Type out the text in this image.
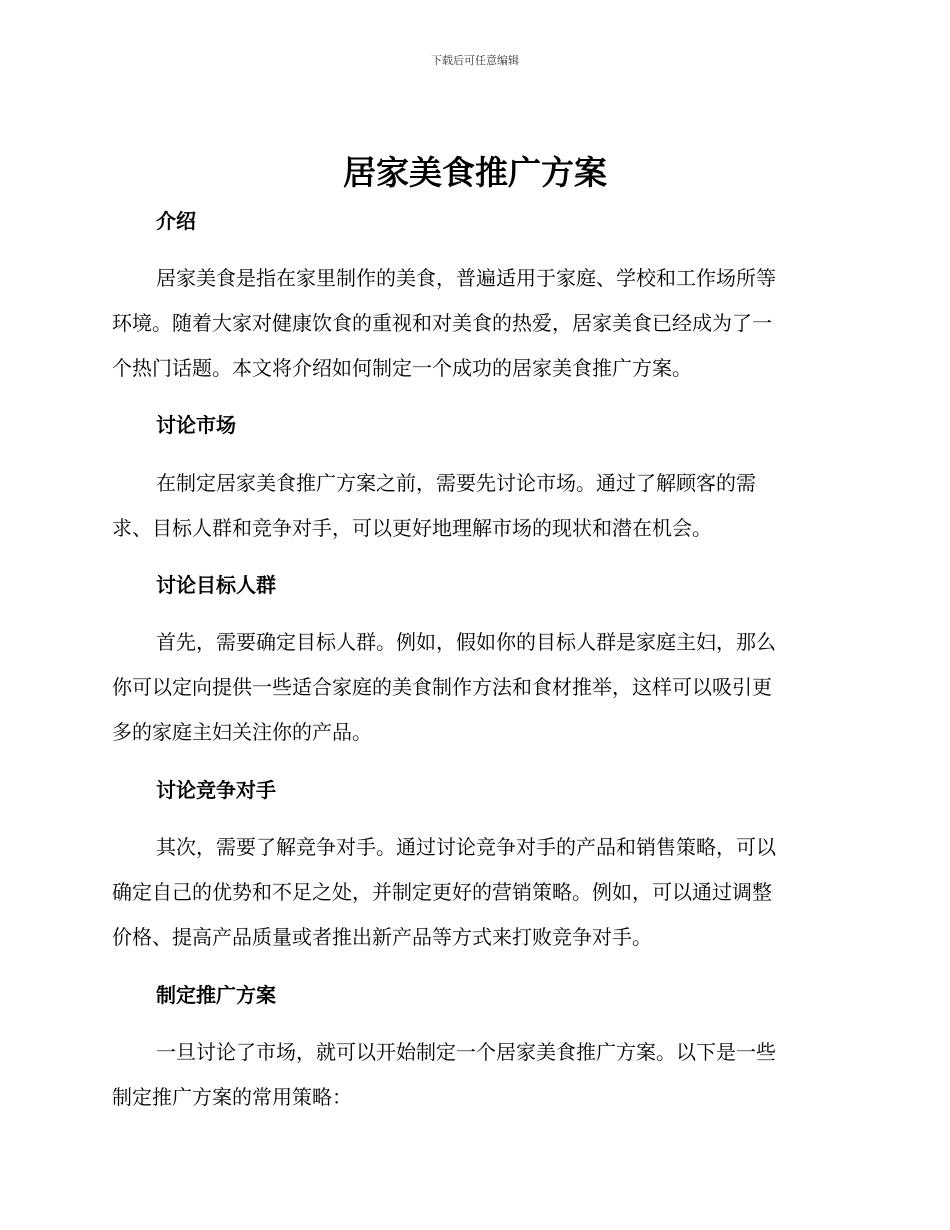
下载后可任意编辑
居家美食推广方案
介绍

居家美食是指在家里制作的美食，普遍适用于家庭、学校和工作场所等
环境。随着大家对健康饮食的重视和对美食的热爱，居家美食已经成为了一
个热门话题。本文将介绍如何制定一个成功的居家美食推广方案。

讨论市场

在制定居家美食推广方案之前，需要先讨论市场。通过了解顾客的需
求、目标人群和竞争对手，可以更好地理解市场的现状和潜在机会。

讨论目标人群

首先，需要确定目标人群。例如，假如你的目标人群是家庭主妇，那么
你可以定向提供一些适合家庭的美食制作方法和食材推举，这样可以吸引更
多的家庭主妇关注你的产品。

讨论竞争对手

其次，需要了解竞争对手。通过讨论竞争对手的产品和销售策略，可以
确定自己的优势和不足之处，并制定更好的营销策略。例如，可以通过调整
价格、提高产品质量或者推出新产品等方式来打败竞争对手。

制定推广方案

一旦讨论了市场，就可以开始制定一个居家美食推广方案。以下是一些
制定推广方案的常用策略：
